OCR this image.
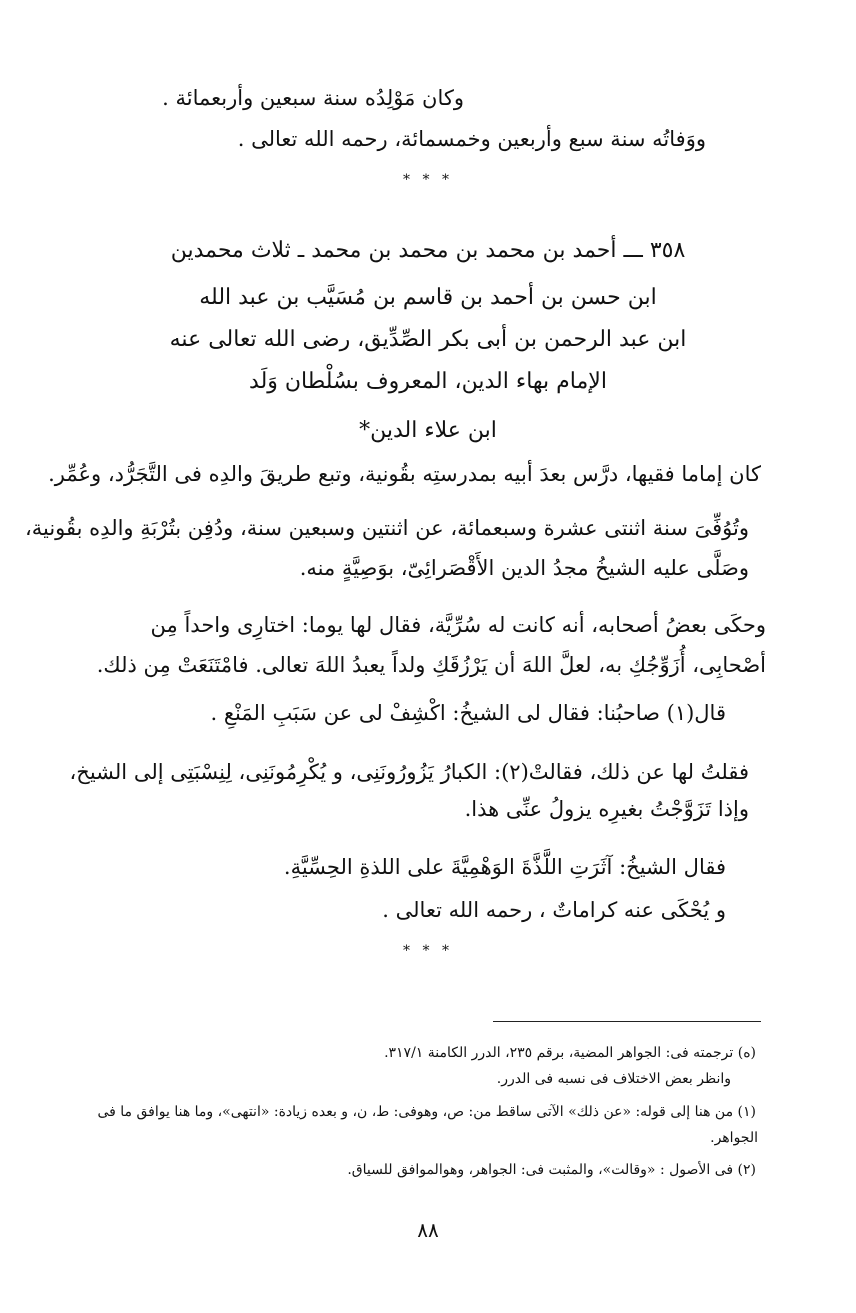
وكان مَوْلِدُه سنة سبعين وأربعمائة .
ووَفاتُه سنة سبع وأربعين وخمسمائة، رحمه الله تعالى .
* * *
٣٥٨ ـــ أحمد بن محمد بن محمد بن محمد ـ ثلاث محمدين
ابن حسن بن أحمد بن قاسم بن مُسَيَّب بن عبد الله
ابن عبد الرحمن بن أبى بكر الصِّدِّيق، رضى الله تعالى عنه
الإمام بهاء الدين، المعروف بسُلْطان وَلَد
ابن علاء الدين*
كان إماما فقيها، درَّس بعدَ أبيه بمدرستِه بقُونية، وتبع طريقَ والدِه فى التَّجَرُّد، وعُمِّر.
وتُوُفِّىَ سنة اثنتى عشرة وسبعمائة، عن اثنتين وسبعين سنة، ودُفِن بتُرْبَةِ والدِه بقُونية،
وصَلَّى عليه الشيخُ مجدُ الدين الأَقْصَرائِىّ، بوَصِيَّةٍ منه.
وحكَى بعضُ أصحابه، أنه كانت له سُرِّيَّة، فقال لها يوما: اختارِى واحداً مِن
أصْحابِى، أُزَوِّجُكِ به، لعلَّ اللهَ أن يَرْزُقَكِ ولداً يعبدُ اللهَ تعالى. فامْتَنَعَتْ مِن ذلك.
قال(١) صاحبُنا: فقال لى الشيخُ: اكْشِفْ لى عن سَبَبِ المَنْعِ .
فقلتُ لها عن ذلك، فقالتْ(٢): الكبارُ يَزُورُونَنِى، و يُكْرِمُونَنِى، لِنِسْبَتِى إلى الشيخ،
وإذا تَزَوَّجْتُ بغيرِه يزولُ عنِّى هذا.
فقال الشيخُ: آثَرَتِ اللَّذَّةَ الوَهْمِيَّةَ على اللذةِ الحِسِّيَّةِ.
و يُحْكَى عنه كراماتٌ ، رحمه الله تعالى .
* * *
(ه) ترجمته فى: الجواهر المضية، برقم ٢٣٥، الدرر الكامنة ٣١٧/١.
وانظر بعض الاختلاف فى نسبه فى الدرر.
(١) من هنا إلى قوله: «عن ذلك» الآتى ساقط من: ص، وهوفى: ط، ن، و بعده زيادة: «انتهى»، وما هنا يوافق ما فى
الجواهر.
(٢) فى الأصول : «وقالت»، والمثبت فى: الجواهر، وهوالموافق للسياق.
٨٨
